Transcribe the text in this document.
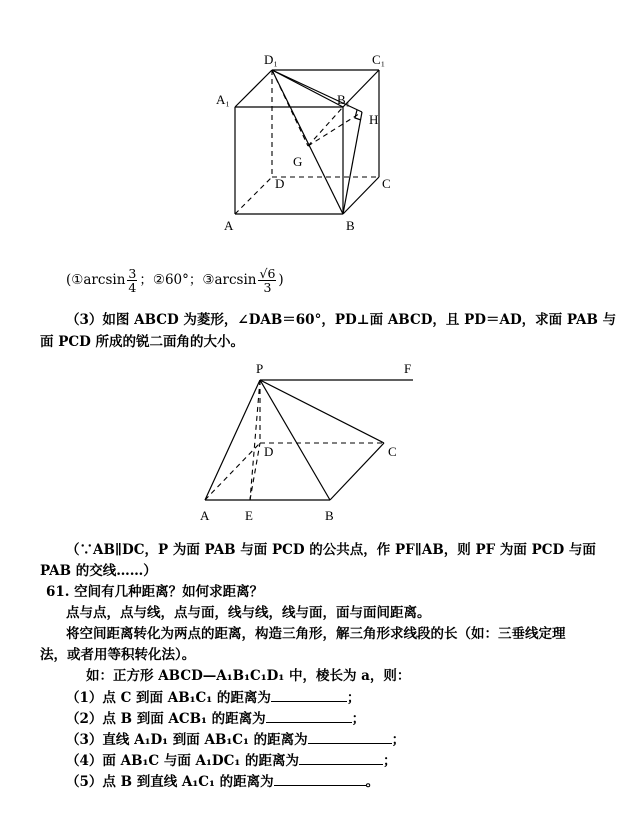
D₁	C₁
A₁	B₁
H
G
D	C
A	B
( ①arcsin $\frac{3}{4}$ ； ②60°； ③arcsin $\frac{√6}{3}$ )
（3）如图 ABCD 为菱形，∠DAB＝60°，PD⊥面 ABCD，且 PD＝AD，求面 PAB 与
面 PCD 所成的锐二面角的大小。
P	F
D	C
A	E	B
（∵AB∥DC，P 为面 PAB 与面 PCD 的公共点，作 PF∥AB，则 PF 为面 PCD 与面
PAB 的交线……）
61. 空间有几种距离？如何求距离？
点与点，点与线，点与面，线与线，线与面，面与面间距离。
将空间距离转化为两点的距离，构造三角形，解三角形求线段的长（如：三垂线定理
法，或者用等积转化法）。
如：正方形 ABCD—A₁B₁C₁D₁ 中，棱长为 a，则：
（1）点 C 到面 AB₁C₁ 的距离为	；
（2）点 B 到面 ACB₁ 的距离为	；
（3）直线 A₁D₁ 到面 AB₁C₁ 的距离为	；
（4）面 AB₁C 与面 A₁DC₁ 的距离为	；
（5）点 B 到直线 A₁C₁ 的距离为	。
